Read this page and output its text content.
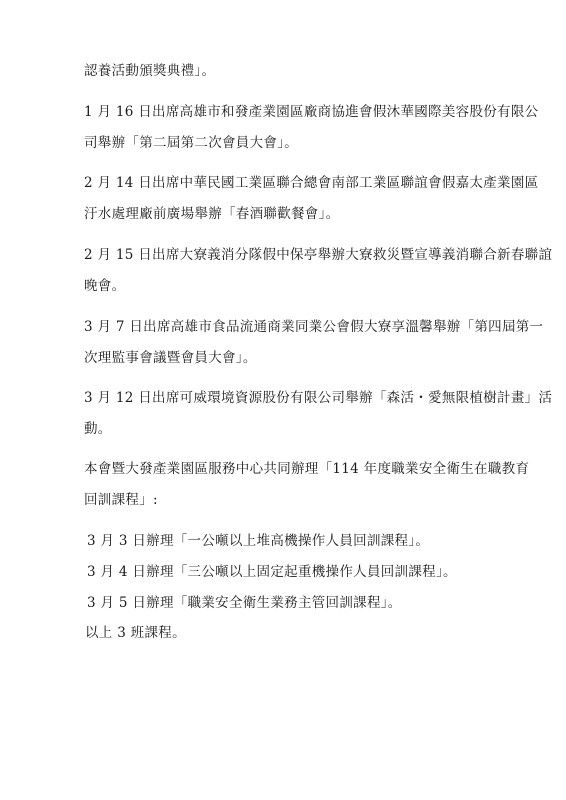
認養活動頒獎典禮」。
1 月 16 日出席高雄市和發產業園區廠商協進會假沐華國際美容股份有限公
司舉辦「第二屆第二次會員大會」。
2 月 14 日出席中華民國工業區聯合總會南部工業區聯誼會假嘉太產業園區
汙水處理廠前廣場舉辦「春酒聯歡餐會」。
2 月 15 日出席大寮義消分隊假中保亭舉辦大寮救災暨宣導義消聯合新春聯誼
晚會。
3 月 7 日出席高雄市食品流通商業同業公會假大寮享溫馨舉辦「第四屆第一
次理監事會議暨會員大會」。
3 月 12 日出席可威環境資源股份有限公司舉辦「森活・愛無限植樹計畫」活
動。
本會暨大發產業園區服務中心共同辦理「114 年度職業安全衛生在職教育
回訓課程」:
3 月 3 日辦理「一公噸以上堆高機操作人員回訓課程」。
3 月 4 日辦理「三公噸以上固定起重機操作人員回訓課程」。
3 月 5 日辦理「職業安全衛生業務主管回訓課程」。
以上 3 班課程。
